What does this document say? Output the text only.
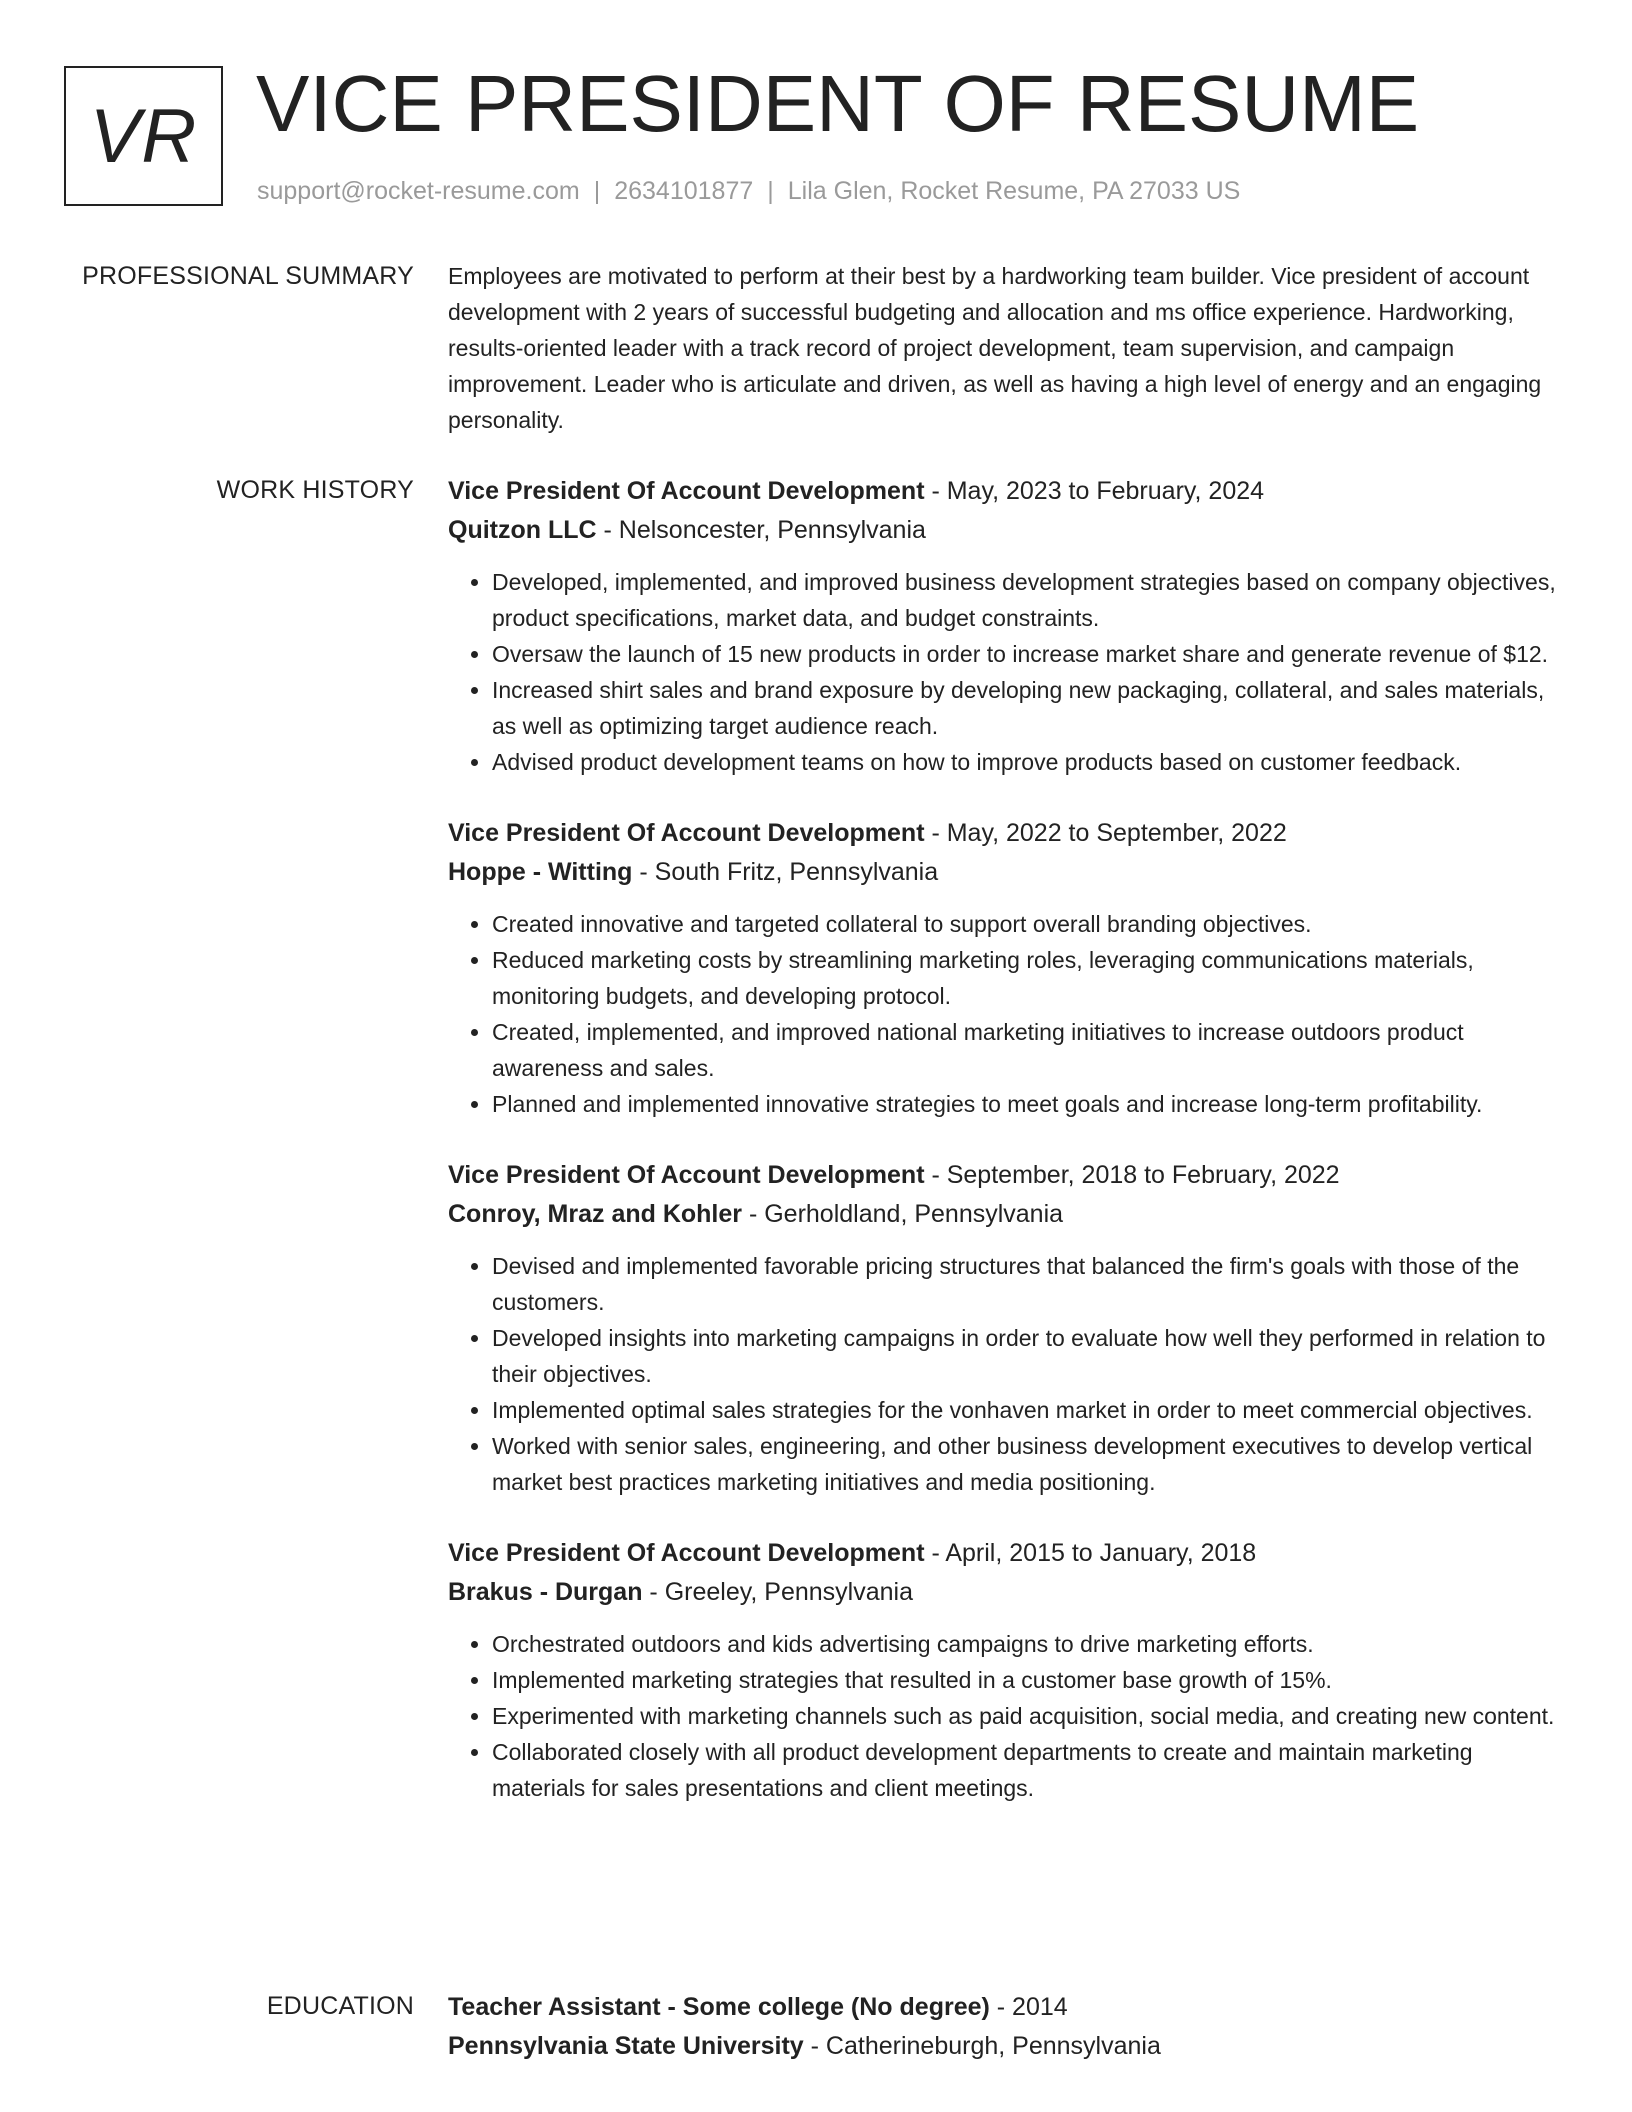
VR VICE PRESIDENT OF RESUME
support@rocket-resume.com | 2634101877 | Lila Glen, Rocket Resume, PA 27033 US
PROFESSIONAL SUMMARY Employees are motivated to perform at their best by a hardworking team builder. Vice president of account development with 2 years of successful budgeting and allocation and ms office experience. Hardworking, results-oriented leader with a track record of project development, team supervision, and campaign improvement. Leader who is articulate and driven, as well as having a high level of energy and an engaging personality.

WORK HISTORY Vice President Of Account Development - May, 2023 to February, 2024

Quitzon LLC - Nelsoncester, Pennsylvania

• Developed, implemented, and improved business development strategies based on company objectives, product specifications, market data, and budget constraints.
• Oversaw the launch of 15 new products in order to increase market share and generate revenue of $12.
• Increased shirt sales and brand exposure by developing new packaging, collateral, and sales materials, as well as optimizing target audience reach.
• Advised product development teams on how to improve products based on customer feedback.

Vice President Of Account Development - May, 2022 to September, 2022

Hoppe - Witting - South Fritz, Pennsylvania

• Created innovative and targeted collateral to support overall branding objectives.
• Reduced marketing costs by streamlining marketing roles, leveraging communications materials, monitoring budgets, and developing protocol.
• Created, implemented, and improved national marketing initiatives to increase outdoors product awareness and sales.
• Planned and implemented innovative strategies to meet goals and increase long-term profitability.

Vice President Of Account Development - September, 2018 to February, 2022

Conroy, Mraz and Kohler - Gerholdland, Pennsylvania

• Devised and implemented favorable pricing structures that balanced the firm's goals with those of the customers.
• Developed insights into marketing campaigns in order to evaluate how well they performed in relation to their objectives.
• Implemented optimal sales strategies for the vonhaven market in order to meet commercial objectives.
• Worked with senior sales, engineering, and other business development executives to develop vertical market best practices marketing initiatives and media positioning.

Vice President Of Account Development - April, 2015 to January, 2018

Brakus - Durgan - Greeley, Pennsylvania

• Orchestrated outdoors and kids advertising campaigns to drive marketing efforts.
• Implemented marketing strategies that resulted in a customer base growth of 15%.
• Experimented with marketing channels such as paid acquisition, social media, and creating new content.
• Collaborated closely with all product development departments to create and maintain marketing materials for sales presentations and client meetings.
EDUCATION Teacher Assistant - Some college (No degree) - 2014

Pennsylvania State University - Catherineburgh, Pennsylvania
